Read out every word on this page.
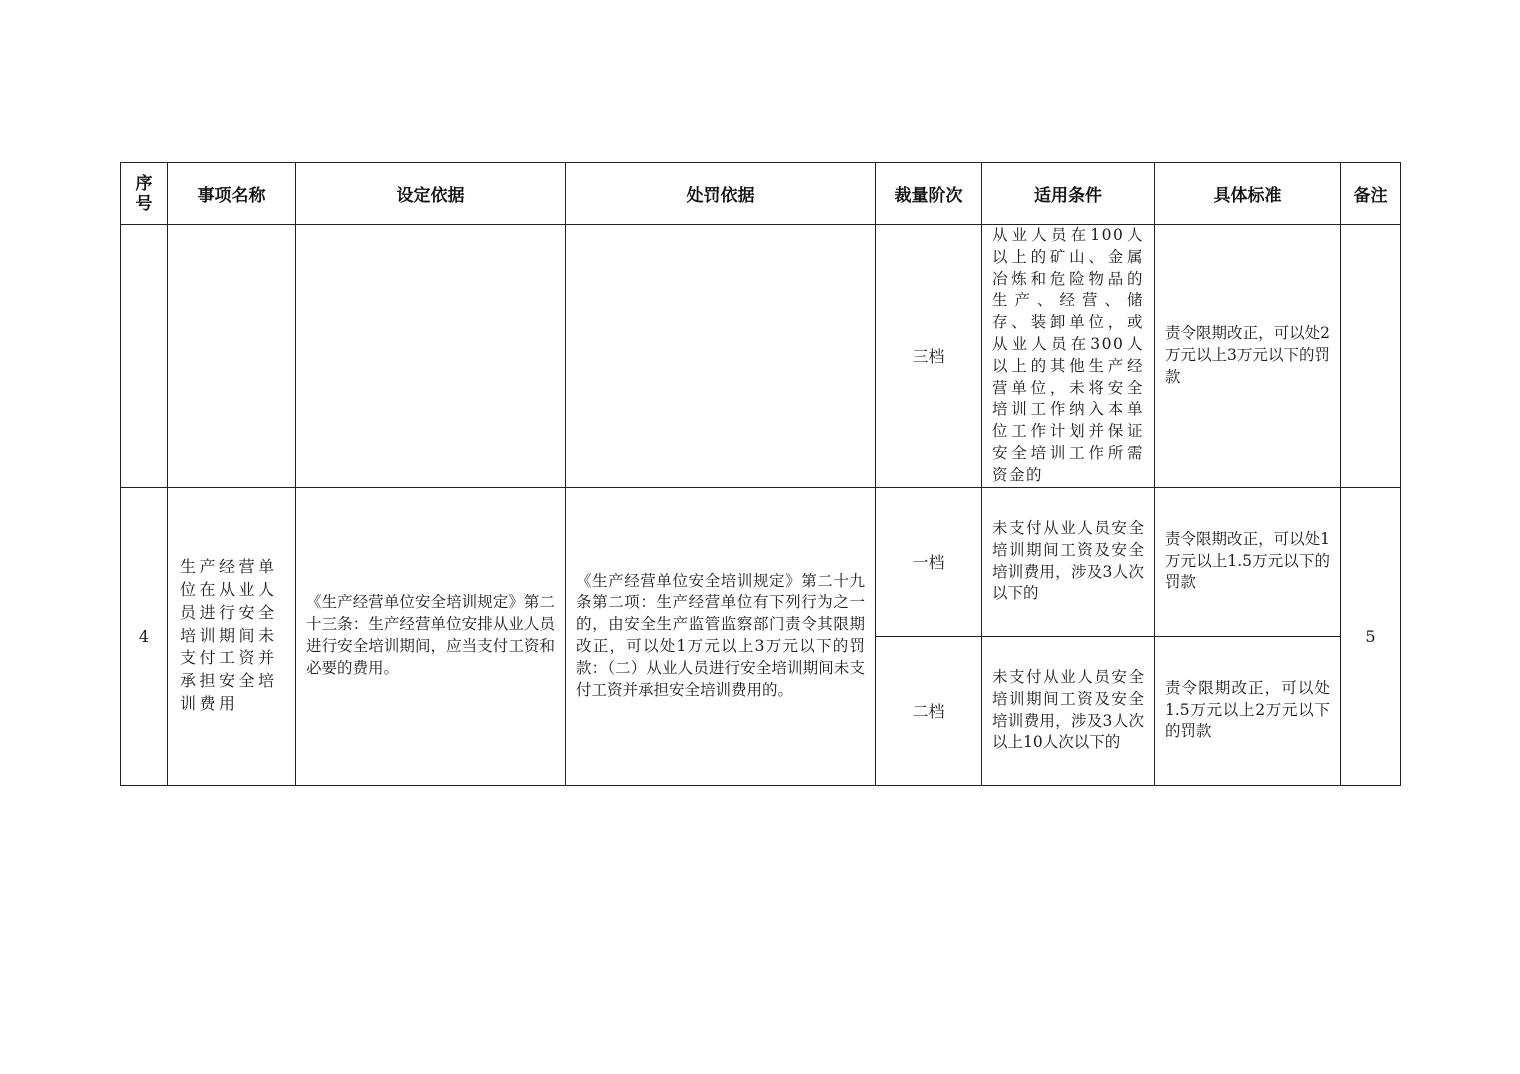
序号	事项名称	设定依据	处罚依据	裁量阶次	适用条件	具体标准	备注
				三档	从业人员在100人以上的矿山、金属冶炼和危险物品的生产、经营、储存、装卸单位，或从业人员在300人以上的其他生产经营单位，未将安全培训工作纳入本单位工作计划并保证安全培训工作所需资金的	责令限期改正，可以处2万元以上3万元以下的罚款	

4	生产经营单位在从业人员进行安全培训期间未支付工资并承担安全培训费用	《生产经营单位安全培训规定》第二十三条：生产经营单位安排从业人员进行安全培训期间，应当支付工资和必要的费用。	《生产经营单位安全培训规定》第二十九条第二项：生产经营单位有下列行为之一的，由安全生产监管监察部门责令其限期改正，可以处1万元以上3万元以下的罚款：（二）从业人员进行安全培训期间未支付工资并承担安全培训费用的。	一档	未支付从业人员安全培训期间工资及安全培训费用，涉及3人次以下的	责令限期改正，可以处1万元以上1.5万元以下的罚款	5
				二档	未支付从业人员安全培训期间工资及安全培训费用，涉及3人次以上10人次以下的	责令限期改正，可以处1.5万元以上2万元以下的罚款	
